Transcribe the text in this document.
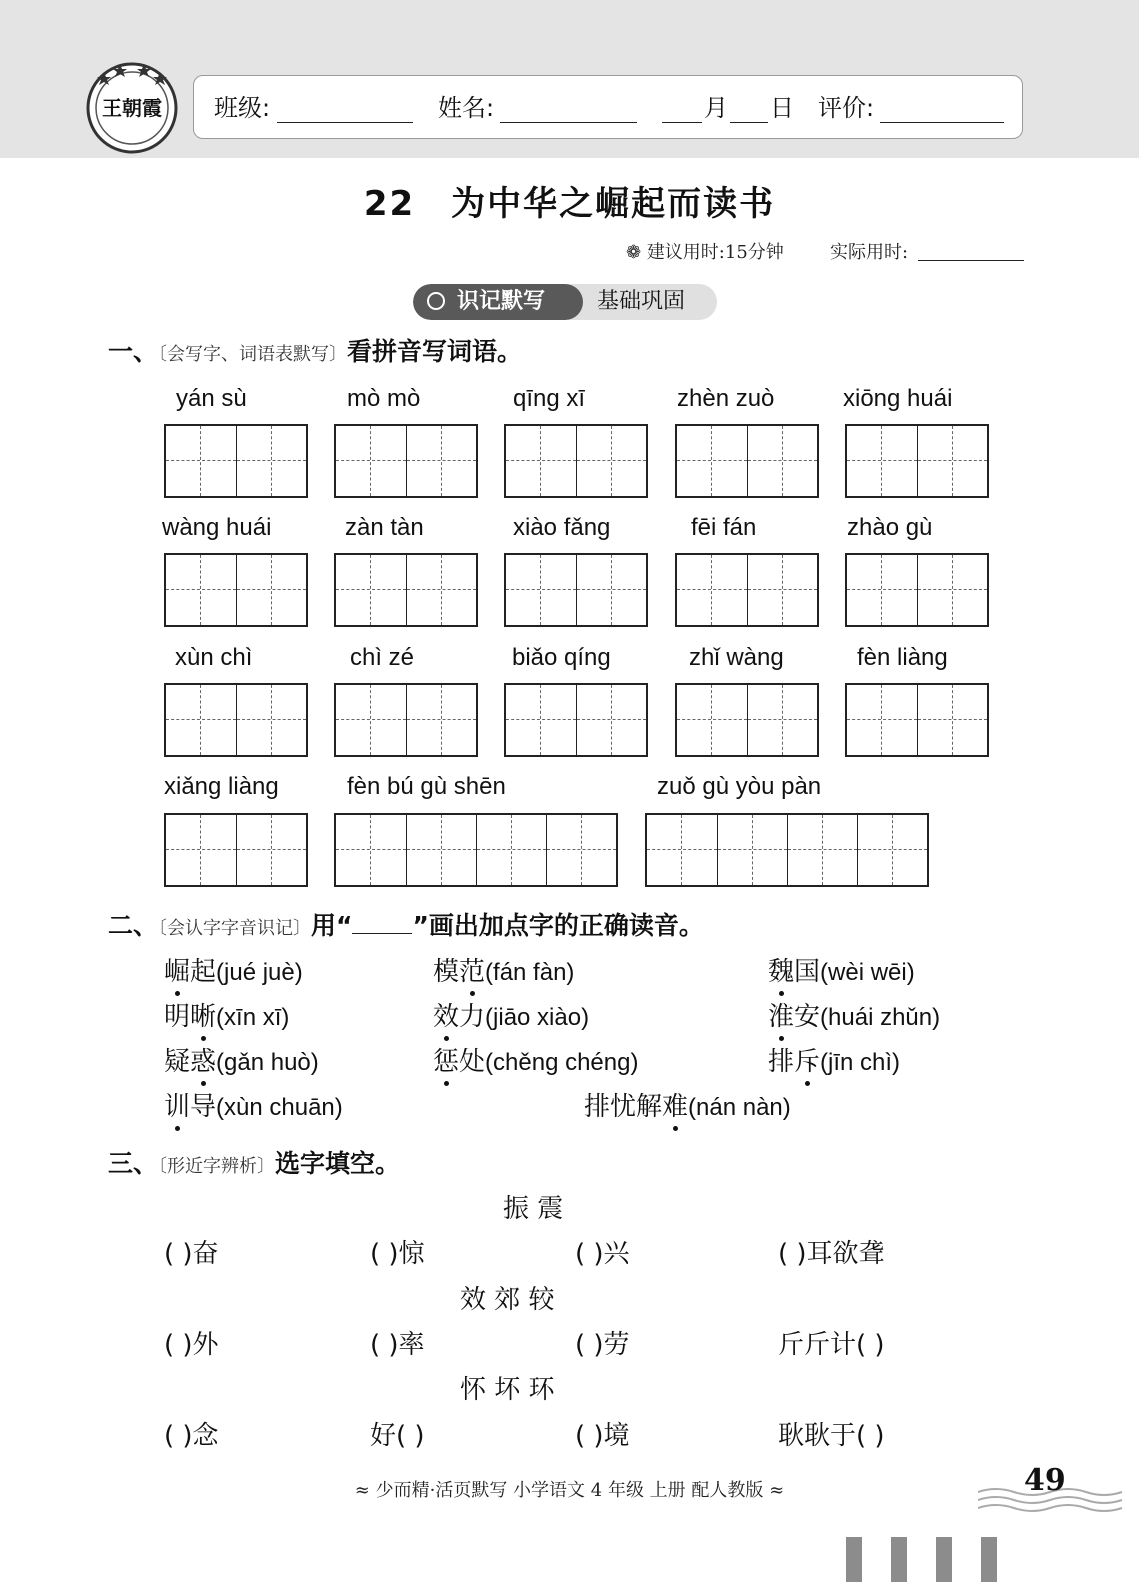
王朝霞 班级:	姓名:	月 日 评价:
22 为中华之崛起而读书
❁ 建议用时:15分钟	实际用时:
识记默写	基础巩固
一、〔会写字、词语表默写〕看拼音写词语。
yán sù	mò mò	qīng xī	zhèn zuò	xiōng huái
wàng huái	zàn tàn	xiào fǎng	fēi fán	zhào gù
xùn chì	chì zé	biǎo qíng	zhǐ wàng	fèn liàng
xiǎng liàng	fèn bú gù shēn	zuǒ gù yòu pàn
二、〔会认字字音识记〕用“ ”画出加点字的正确读音。
崛起(jué juè)	模范(fán fàn)	魏国(wèi wēi)
明晰(xīn xī)	效力(jiāo xiào)	淮安(huái zhǔn)
疑惑(gǎn huò)	惩处(chěng chéng)	排斥(jīn chì)
训导(xùn chuān)	排忧解难(nán nàn)
三、〔形近字辨析〕选字填空。
振 震
( )奋	( )惊	( )兴	( )耳欲聋
效 郊 较
( )外	( )率	( )劳	斤斤计( )
怀 坏 环
( )念	好( )	( )境	耿耿于( )
≈ 少而精·活页默写 小学语文 4 年级 上册 配人教版 ≈	49
